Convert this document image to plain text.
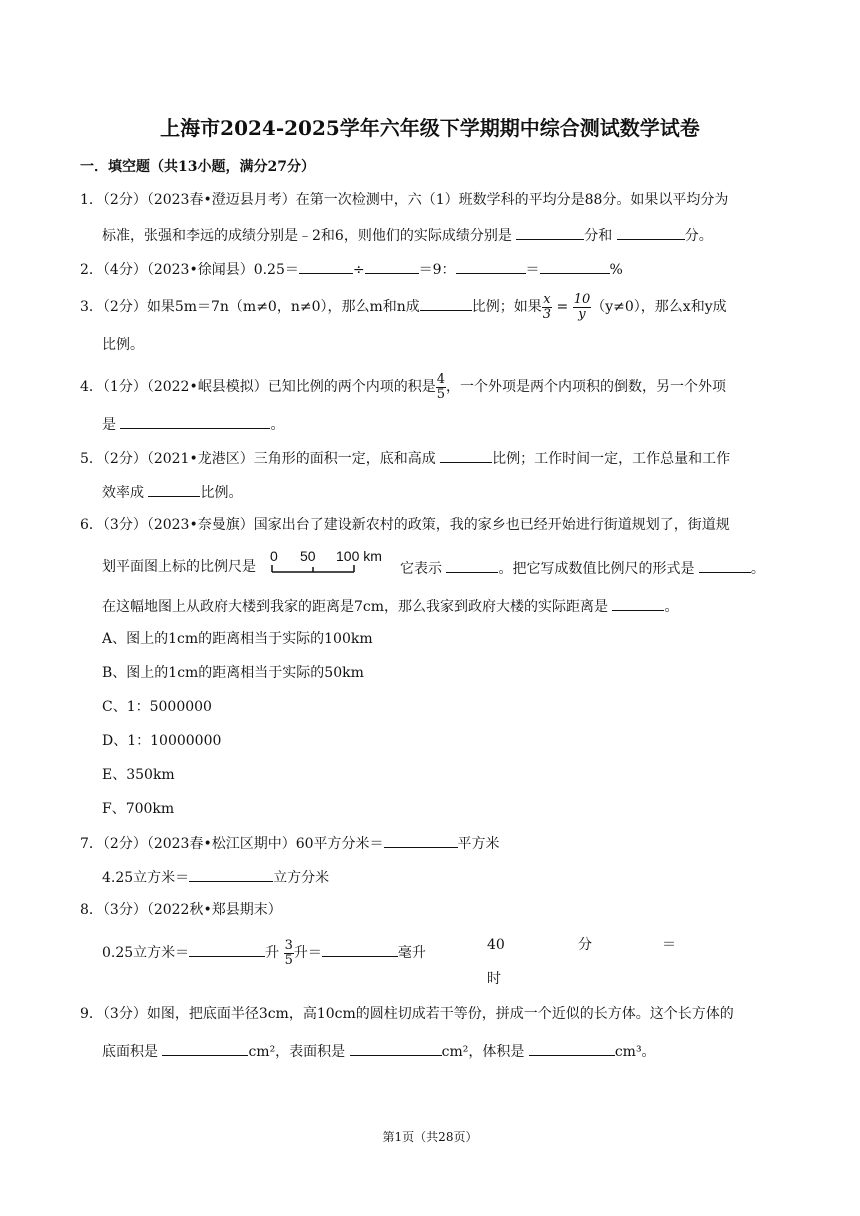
上海市2024-2025学年六年级下学期期中综合测试数学试卷
一．填空题（共13小题，满分27分）
1．（2分）（2023春•澄迈县月考）在第一次检测中，六（1）班数学科的平均分是88分。如果以平均分为
标准，张强和李远的成绩分别是﹣2和6，则他们的实际成绩分别是	分和	分。
2．（4分）（2023•徐闻县）0.25＝	÷	＝9：	＝	%
3．（2分）如果5m＝7n（m≠0，n≠0），那么m和n成	比例；如果 $\frac{x}{3} = \frac{10}{y} (y\ne 0)$，那么x和y成
比例。
4．（1分）（2022•岷县模拟）已知比例的两个内项的积是 $\frac{4}{5}$ ，一个外项是两个内项积的倒数，另一个外项
是	。
5．（2分）（2021•龙港区）三角形的面积一定，底和高成	比例；工作时间一定，工作总量和工作
效率成	比例。
6．（3分）（2023•奈曼旗）国家出台了建设新农村的政策，我的家乡也已经开始进行街道规划了，街道规
划平面图上标的比例尺是
0 50 100 km
它表示	。把它写成数值比例尺的形式是	。
在这幅地图上从政府大楼到我家的距离是7cm，那么我家到政府大楼的实际距离是	。
A、图上的1cm的距离相当于实际的100km
B、图上的1cm的距离相当于实际的50km
C、1：5000000
D、1：10000000
E、350km
F、700km
7．（2分）（2023春•松江区期中）60平方分米＝	平方米
4.25立方米＝	立方分米
8．（3分）（2022秋•郑县期末）
0.25立方米＝	升 $\frac{3}{5}$ 升＝	毫升	40	分	＝
时
9．（3分）如图，把底面半径3cm，高10cm的圆柱切成若干等份，拼成一个近似的长方体。这个长方体的
底面积是	cm²，表面积是	cm²，体积是	cm³。
第1页（共28页）
